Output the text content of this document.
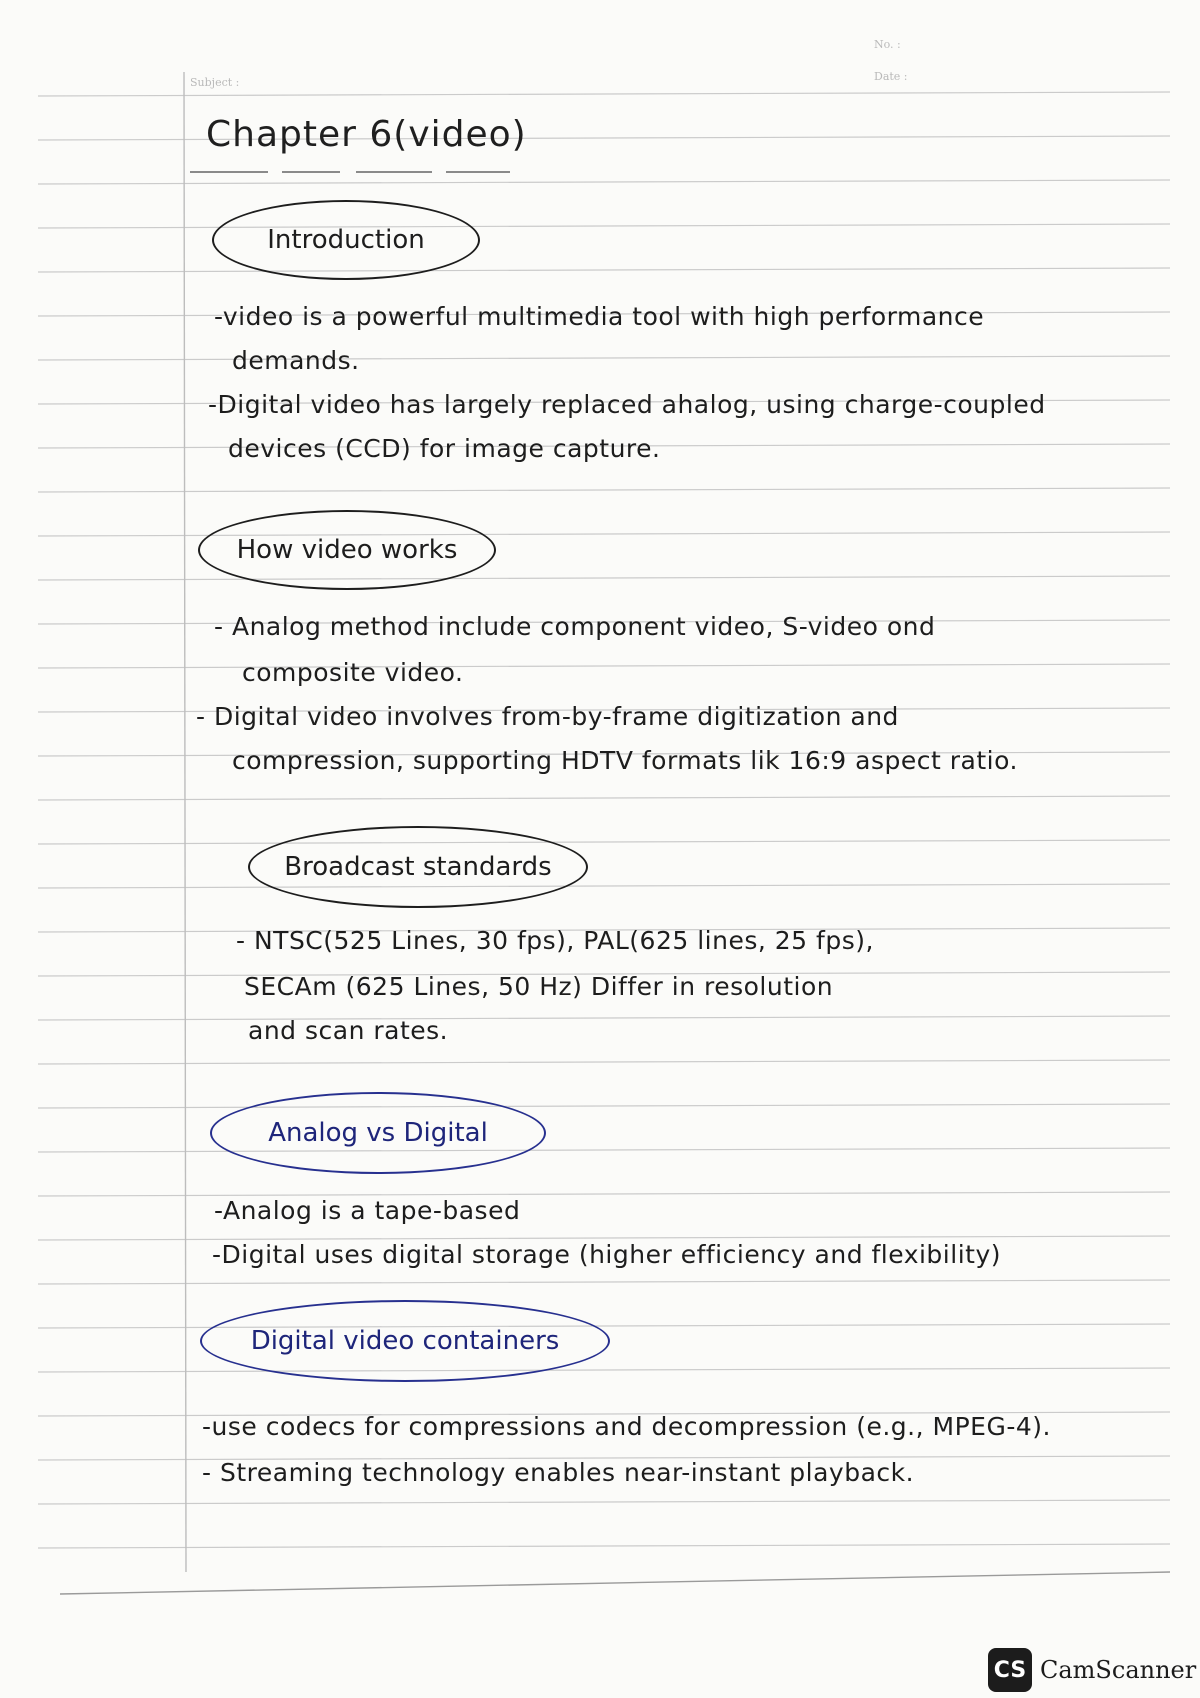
Subject :
No. :
Date :
Chapter 6(video)
Introduction

-video is a powerful multimedia tool with high performance

demands.

-Digital video has largely replaced ahalog, using charge-coupled

devices (CCD) for image capture.

How video works

- Analog method include component video, S-video ond

composite video.

- Digital video involves from-by-frame digitization and

compression, supporting HDTV formats lik 16:9 aspect ratio.

Broadcast standards

- NTSC(525 Lines, 30 fps), PAL(625 lines, 25 fps),

SECAm (625 Lines, 50 Hz) Differ in resolution

and scan rates.

Analog vs Digital

-Analog is a tape-based

-Digital uses digital storage (higher efficiency and flexibility)

Digital video containers

-use codecs for compressions and decompression (e.g., MPEG-4).

- Streaming technology enables near-instant playback.

CS CamScanner
